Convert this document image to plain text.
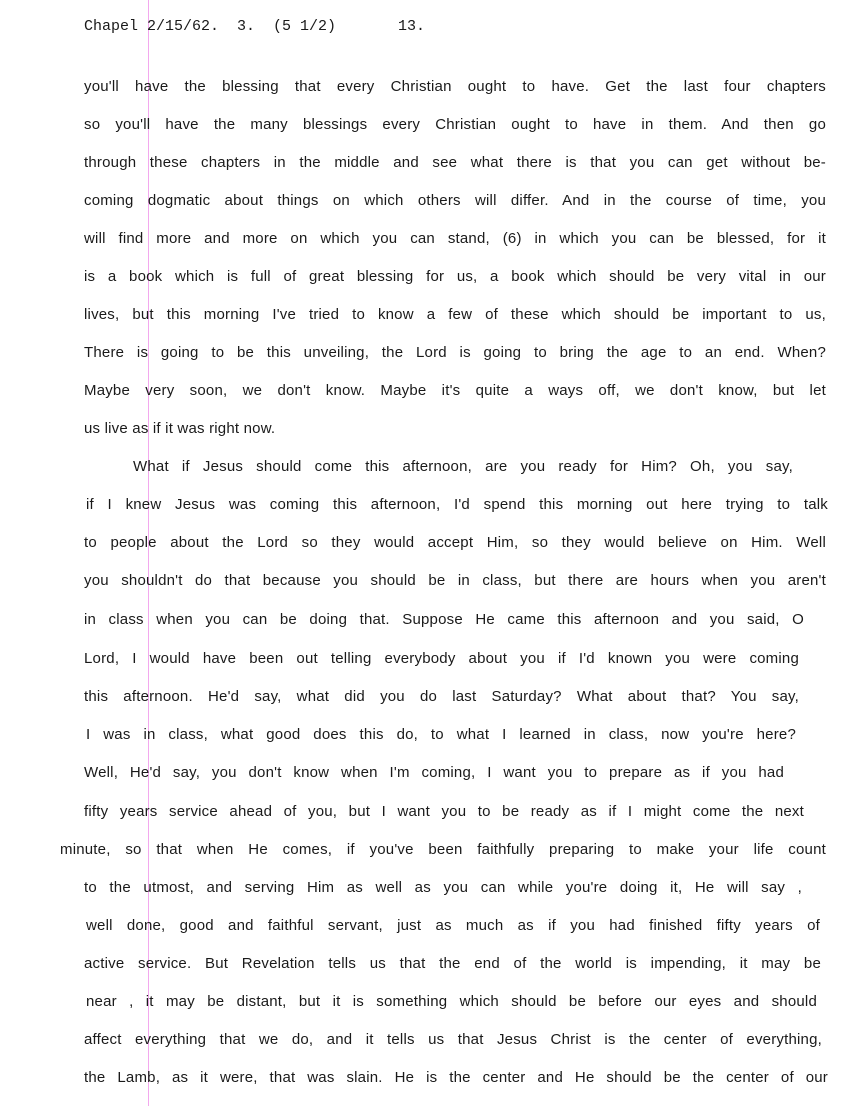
Chapel 2/15/62.  3.  (5 1/2)	13.
you'll have the blessing that every Christian ought to have. Get the last four chapters
so you'll have the many blessings every Christian ought to have in them. And then go
through these chapters in the middle and see what there is that you can get without be-
coming dogmatic about things on which others will differ. And in the course of time, you
will find more and more on which you can stand, (6) in which you can be blessed, for it
is a book which is full of great blessing for us, a book which should be very vital in our
lives, but this morning I've tried to know a few of these which should be important to us,
There is going to be this unveiling, the Lord is going to bring the age to an end. When?
Maybe very soon, we don't know. Maybe it's quite a ways off, we don't know, but let
us live as if it was right now.
What if Jesus should come this afternoon, are you ready for Him? Oh, you say,
if I knew Jesus was coming this afternoon, I'd spend this morning out here trying to talk
to people about the Lord so they would accept Him, so they would believe on Him. Well
you shouldn't do that because you should be in class, but there are hours when you aren't
in class when you can be doing that. Suppose He came this afternoon and you said, O
Lord, I would have been out telling everybody about you if I'd known you were coming
this afternoon. He'd say, what did you do last Saturday? What about that? You say,
I was in class, what good does this do, to what I learned in class, now you're here?
Well, He'd say, you don't know when I'm coming, I want you to prepare as if you had
fifty years service ahead of you, but I want you to be ready as if I might come the next
minute, so that when He comes, if you've been faithfully preparing to make your life count
to the utmost, and serving Him as well as you can while you're doing it, He will say ,
well done, good and faithful servant, just as much as if you had finished fifty years of
active service. But Revelation tells us that the end of the world is impending, it may be
near , it may be distant, but it is something which should be before our eyes and should
affect everything that we do, and it tells us that Jesus Christ is the center of everything,
the Lamb, as it were, that was slain. He is the center and He should be the center of our
